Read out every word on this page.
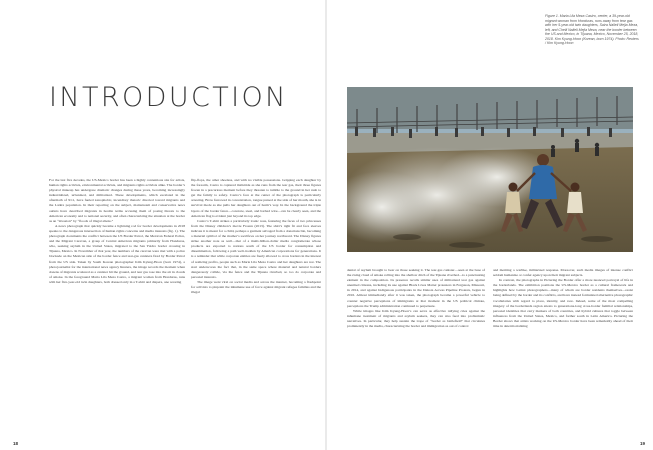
INTRODUCTION

For the last five decades, the US-Mexico border has been a highly contentious site for artists, human rights activists, environmental activists, and migrants rights activists alike. The border’s physical makeup has undergone dramatic changes during these years, becoming increasingly industrialized, urbanized, and militarized. These developments, which escalated in the aftermath of 9/11, have fueled xenophobic, incendiary rhetoric directed toward migrants and the Latinx population. In their reporting on the subject, mainstream and conservative news outlets have described migrants in hostile terms accusing them of posing threats to the American economy and to national security, and often characterizing the situation at the border as an “invasion” by “floods of illegal aliens.”

A news photograph that quickly became a lightning rod for border developments in 2018 speaks to the dangerous intersection of human rights concerns and media interests (fig. 1). The photograph documents the conflict between the US Border Patrol, the Mexican Federal Police, and the Migrant Caravan, a group of Central American migrants primarily from Honduras, who, seeking asylum in the United States, migrated to the San Ysidro border crossing in Tijuana, Mexico. In November of that year, the numbers of the caravan were met with a police blockade on the Mexican side of the border fence and tear-gas canisters fired by Border Patrol from the US side. Taken by South Korean photographer Kim Kyung-Hoon (born 1974), a photojournalist for the international news agency Reuters, the image records the moment when dozens of migrants scattered as a canister hit the ground, and tear gas rose into the air in clouds of smoke. In the foreground Maria Lila Meza Castro, a migrant woman from Honduras, runs with her five-year-old twin daughters, both dressed only in a T-shirt and diapers, one wearing

flip-flops, the other shoeless, and with no visible possessions. Gripping each daughter by the forearm, Castro is captured midstride as she runs from the tear gas, their three figures frozen in a precarious moment before they threaten to tumble to the ground in her rush to get the family to safety. Castro’s face at the center of the photograph is particularly arresting. Brow furrowed in concentration, tongue pursed at the side of her mouth, she is in survival mode as she pulls her daughters out of harm’s way. In the background the triple layers of the border fence—concrete, steel, and barbed wire—can be clearly seen, and the American flag is evident just beyond its top edge.

Castro’s T-shirt strikes a particularly ironic note, featuring the faces of two princesses from the Disney children’s movie Frozen (2013). The shirt’s tight fit and face sleeves indicate it is meant for a child, perhaps a garment salvaged from a donations bin, becoming a material symbol of the mother’s sacrifices on her journey northward. The Disney figures strike another note as well—that of a multi-billion-dollar media conglomerate whose products are exported to nations south of the US border for consumption and dissemination, following a path well-trodden by American corporations for generations. It is a reminder that while corporate entities are freely allowed to cross borders in the interest of realizing profits, people such as Maria Lila Meza Castro and her daughters are not. The start underscores the fact that, in the same space where material and natural borders dangerously collide, via the fence and the Tijuana riverbed, so too do corporate and personal interests.

The image went viral on social media and across the internet, becoming a flashpoint for activists to pinpoint the inhumane use of force against migrant refugee families and the illegal

18
Figure 1. Maria Lila Meza Castro, center, a 39-year-old migrant woman from Honduras, runs away from tear gas with her 5-year-old twin daughters, Saira Nalleli Mejia Meza, left, and Cheili Nalleli Mejia Meza, near the border between the US and Mexico, in Tijuana, Mexico, November 25, 2018, 2018. Kim Kyung-Hoon (Korean, born 1974). Photo: Reuters / Kim Kyung-Hoon

denial of asylum brought to bear on those seeking it. The tear-gas canister—seen at the base of the rising cloud of smoke rolling into the shallow ditch of the Tijuana riverbed—is a punctuating element in the composition. Its presence recalls similar uses of militarized tear gas against unarmed citizens, including its use against Black Lives Matter protesters in Ferguson, Missouri, in 2014, and against Indigenous participants in the Dakota Access Pipeline Protests, begun in 2016. Almost immediately after it was taken, the photograph became a powerful vehicle to counter negative perceptions of immigrants at that moment in the US political climate, perceptions the Trump administration continued to perpetuate.

While images like Kim Kyung-Hoon’s can serve as effective rallying cries against the inhumane treatment of migrants and asylum seekers, they can also feed into problematic narratives. In particular, they help sustain the trope of “border as battlefield” that circulates prominently in the media, characterizing the border and immigration as out of control

and meriting a warlike, militarized response. Moreover, such media images of intense conflict seldom humanize or confer agency upon their migrant subjects.

In contrast, the photographs in Picturing the Border offer a more nuanced portrayal of life in the borderlands. The exhibition positions the US-Mexico border as a cultural framework and highlights how Latinx photographers—many of whom are border residents themselves—resist being defined by the border and its conflicts, and have instead formulated alternative photographic vocabularies with regard to place, identity, and race. Indeed, some of the most compelling imagery of the borderlands region attests to generations-long cross-border familial relationships, personal identities that carry markers of both countries, and hybrid cultures that toggle between influences from the United States, Mexico, and farther south in Latin America. Picturing the Border shows that artists working on the US-Mexico border have been remarkably ahead of their time in deterritorializing

19
